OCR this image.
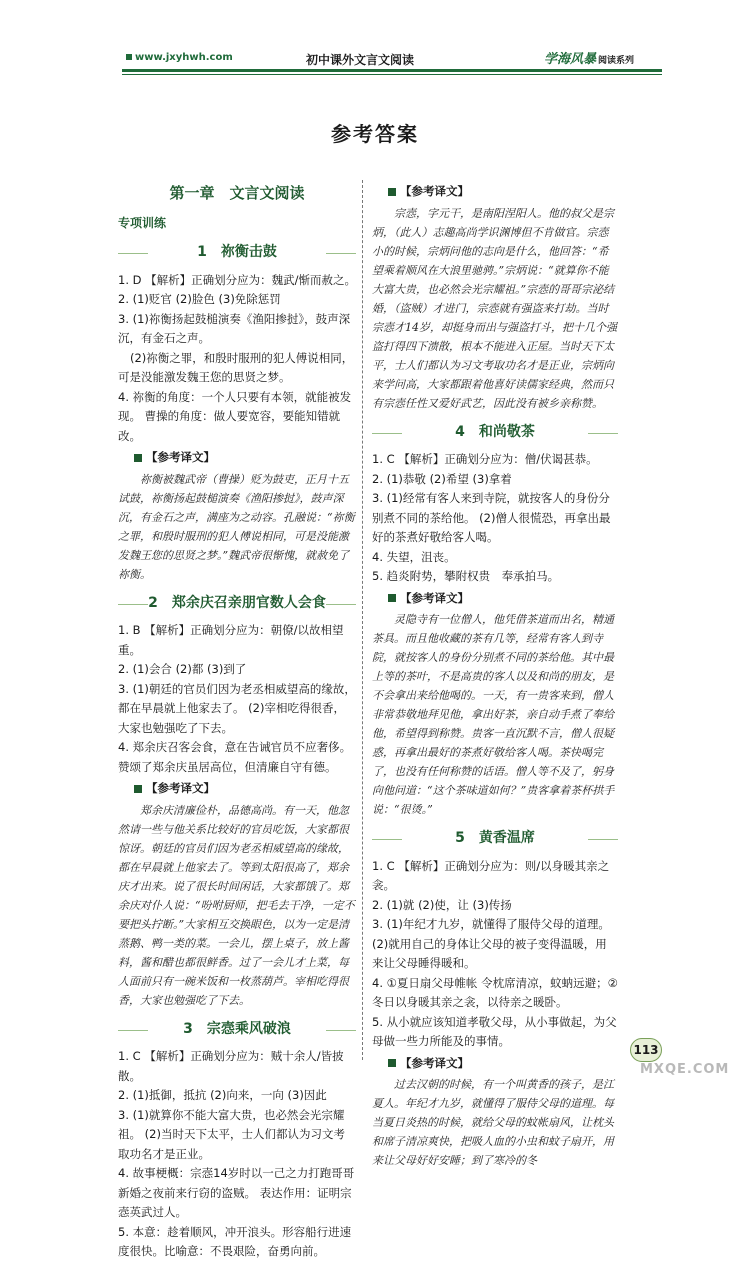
www.jxyhwh.com	初中课外文言文阅读	学海风暴 阅读系列
参考答案
第一章　文言文阅读
专项训练
1　祢衡击鼓

1. D 【解析】正确划分应为：魏武/惭而赦之。

2. (1)贬官 (2)脸色 (3)免除惩罚

3. (1)祢衡扬起鼓槌演奏《渔阳掺挝》，鼓声深沉，有金石之声。

(2)祢衡之罪，和殷时服刑的犯人傅说相同，可是没能激发魏王您的思贤之梦。

4. 祢衡的角度：一个人只要有本领，就能被发现。 曹操的角度：做人要宽容，要能知错就改。

【参考译文】

祢衡被魏武帝（曹操）贬为鼓吏，正月十五试鼓，祢衡扬起鼓槌演奏《渔阳掺挝》，鼓声深沉，有金石之声，满座为之动容。孔融说：“祢衡之罪，和殷时服刑的犯人傅说相同，可是没能激发魏王您的思贤之梦。”魏武帝很惭愧，就赦免了祢衡。

2　郑余庆召亲朋官数人会食

1. B 【解析】正确划分应为：朝僚/以故相望重。

2. (1)会合 (2)都 (3)到了

3. (1)朝廷的官员们因为老丞相威望高的缘故，都在早晨就上他家去了。 (2)宰相吃得很香，大家也勉强吃了下去。

4. 郑余庆召客会食，意在告诫官员不应奢侈。赞颂了郑余庆虽居高位，但清廉自守有德。

【参考译文】

郑余庆清廉俭朴，品德高尚。有一天，他忽然请一些与他关系比较好的官员吃饭，大家都很惊讶。朝廷的官员们因为老丞相威望高的缘故，都在早晨就上他家去了。等到太阳很高了，郑余庆才出来。说了很长时间闲话，大家都饿了。郑余庆对仆人说：“吩咐厨师，把毛去干净，一定不要把头拧断。”大家相互交换眼色，以为一定是清蒸鹅、鸭一类的菜。一会儿，摆上桌子，放上酱料，酱和醋也都很鲜香。过了一会儿才上菜，每人面前只有一碗米饭和一枚蒸葫芦。宰相吃得很香，大家也勉强吃了下去。

3　宗悫乘风破浪

1. C 【解析】正确划分应为：贼十余人/皆披散。

2. (1)抵御，抵抗 (2)向来，一向 (3)因此

3. (1)就算你不能大富大贵，也必然会光宗耀祖。 (2)当时天下太平，士人们都认为习文考取功名才是正业。

4. 故事梗概：宗悫14岁时以一己之力打跑哥哥新婚之夜前来行窃的盗贼。 表达作用：证明宗悫英武过人。

5. 本意：趁着顺风，冲开浪头。形容船行进速度很快。比喻意：不畏艰险，奋勇向前。

【参考译文】

宗悫，字元干，是南阳涅阳人。他的叔父是宗炳，（此人）志趣高尚学识渊博但不肯做官。宗悫小的时候，宗炳问他的志向是什么，他回答：“希望乘着顺风在大浪里驰骋。”宗炳说：“就算你不能大富大贵，也必然会光宗耀祖。”宗悫的哥哥宗泌结婚，（盗贼）才进门，宗悫就有强盗来打劫。当时宗悫才14岁，却挺身而出与强盗打斗，把十几个强盗打得四下溃散，根本不能进入正屋。当时天下太平，士人们都认为习文考取功名才是正业，宗炳向来学问高，大家都跟着他喜好读儒家经典，然而只有宗悫任性又爱好武艺，因此没有被乡亲称赞。

4　和尚敬茶

1. C 【解析】正确划分应为：僧/伏谒甚恭。

2. (1)恭敬 (2)希望 (3)拿着

3. (1)经常有客人来到寺院，就按客人的身份分别煮不同的茶给他。 (2)僧人很慌恐，再拿出最好的茶煮好敬给客人喝。

4. 失望，沮丧。

5. 趋炎附势，攀附权贵　奉承拍马。

【参考译文】

灵隐寺有一位僧人，他凭借茶道而出名，精通茶具。而且他收藏的茶有几等，经常有客人到寺院，就按客人的身份分别煮不同的茶给他。其中最上等的茶叶，不是高贵的客人以及和尚的朋友，是不会拿出来给他喝的。一天，有一贵客来到，僧人非常恭敬地拜见他，拿出好茶，亲自动手煮了奉给他，希望得到称赞。贵客一直沉默不言，僧人很疑惑，再拿出最好的茶煮好敬给客人喝。茶快喝完了，也没有任何称赞的话语。僧人等不及了，躬身向他问道：“这个茶味道如何？”贵客拿着茶杯拱手说：“很烫。”

5　黄香温席

1. C 【解析】正确划分应为：则/以身暖其亲之衾。

2. (1)就 (2)使，让 (3)传扬

3. (1)年纪才九岁，就懂得了服侍父母的道理。 (2)就用自己的身体让父母的被子变得温暖，用来让父母睡得暖和。

4. ①夏日扇父母帷帐 令枕席清凉，蚊蚋远避；②冬日以身暖其亲之衾，以待亲之暖卧。

5. 从小就应该知道孝敬父母，从小事做起，为父母做一些力所能及的事情。

【参考译文】

过去汉朝的时候，有一个叫黄香的孩子，是江夏人。年纪才九岁，就懂得了服侍父母的道理。每当夏日炎热的时候，就给父母的蚊帐扇风，让枕头和席子清凉爽快，把吸人血的小虫和蚊子扇开，用来让父母好好安睡；到了寒冷的冬

113
MXQE.COM
